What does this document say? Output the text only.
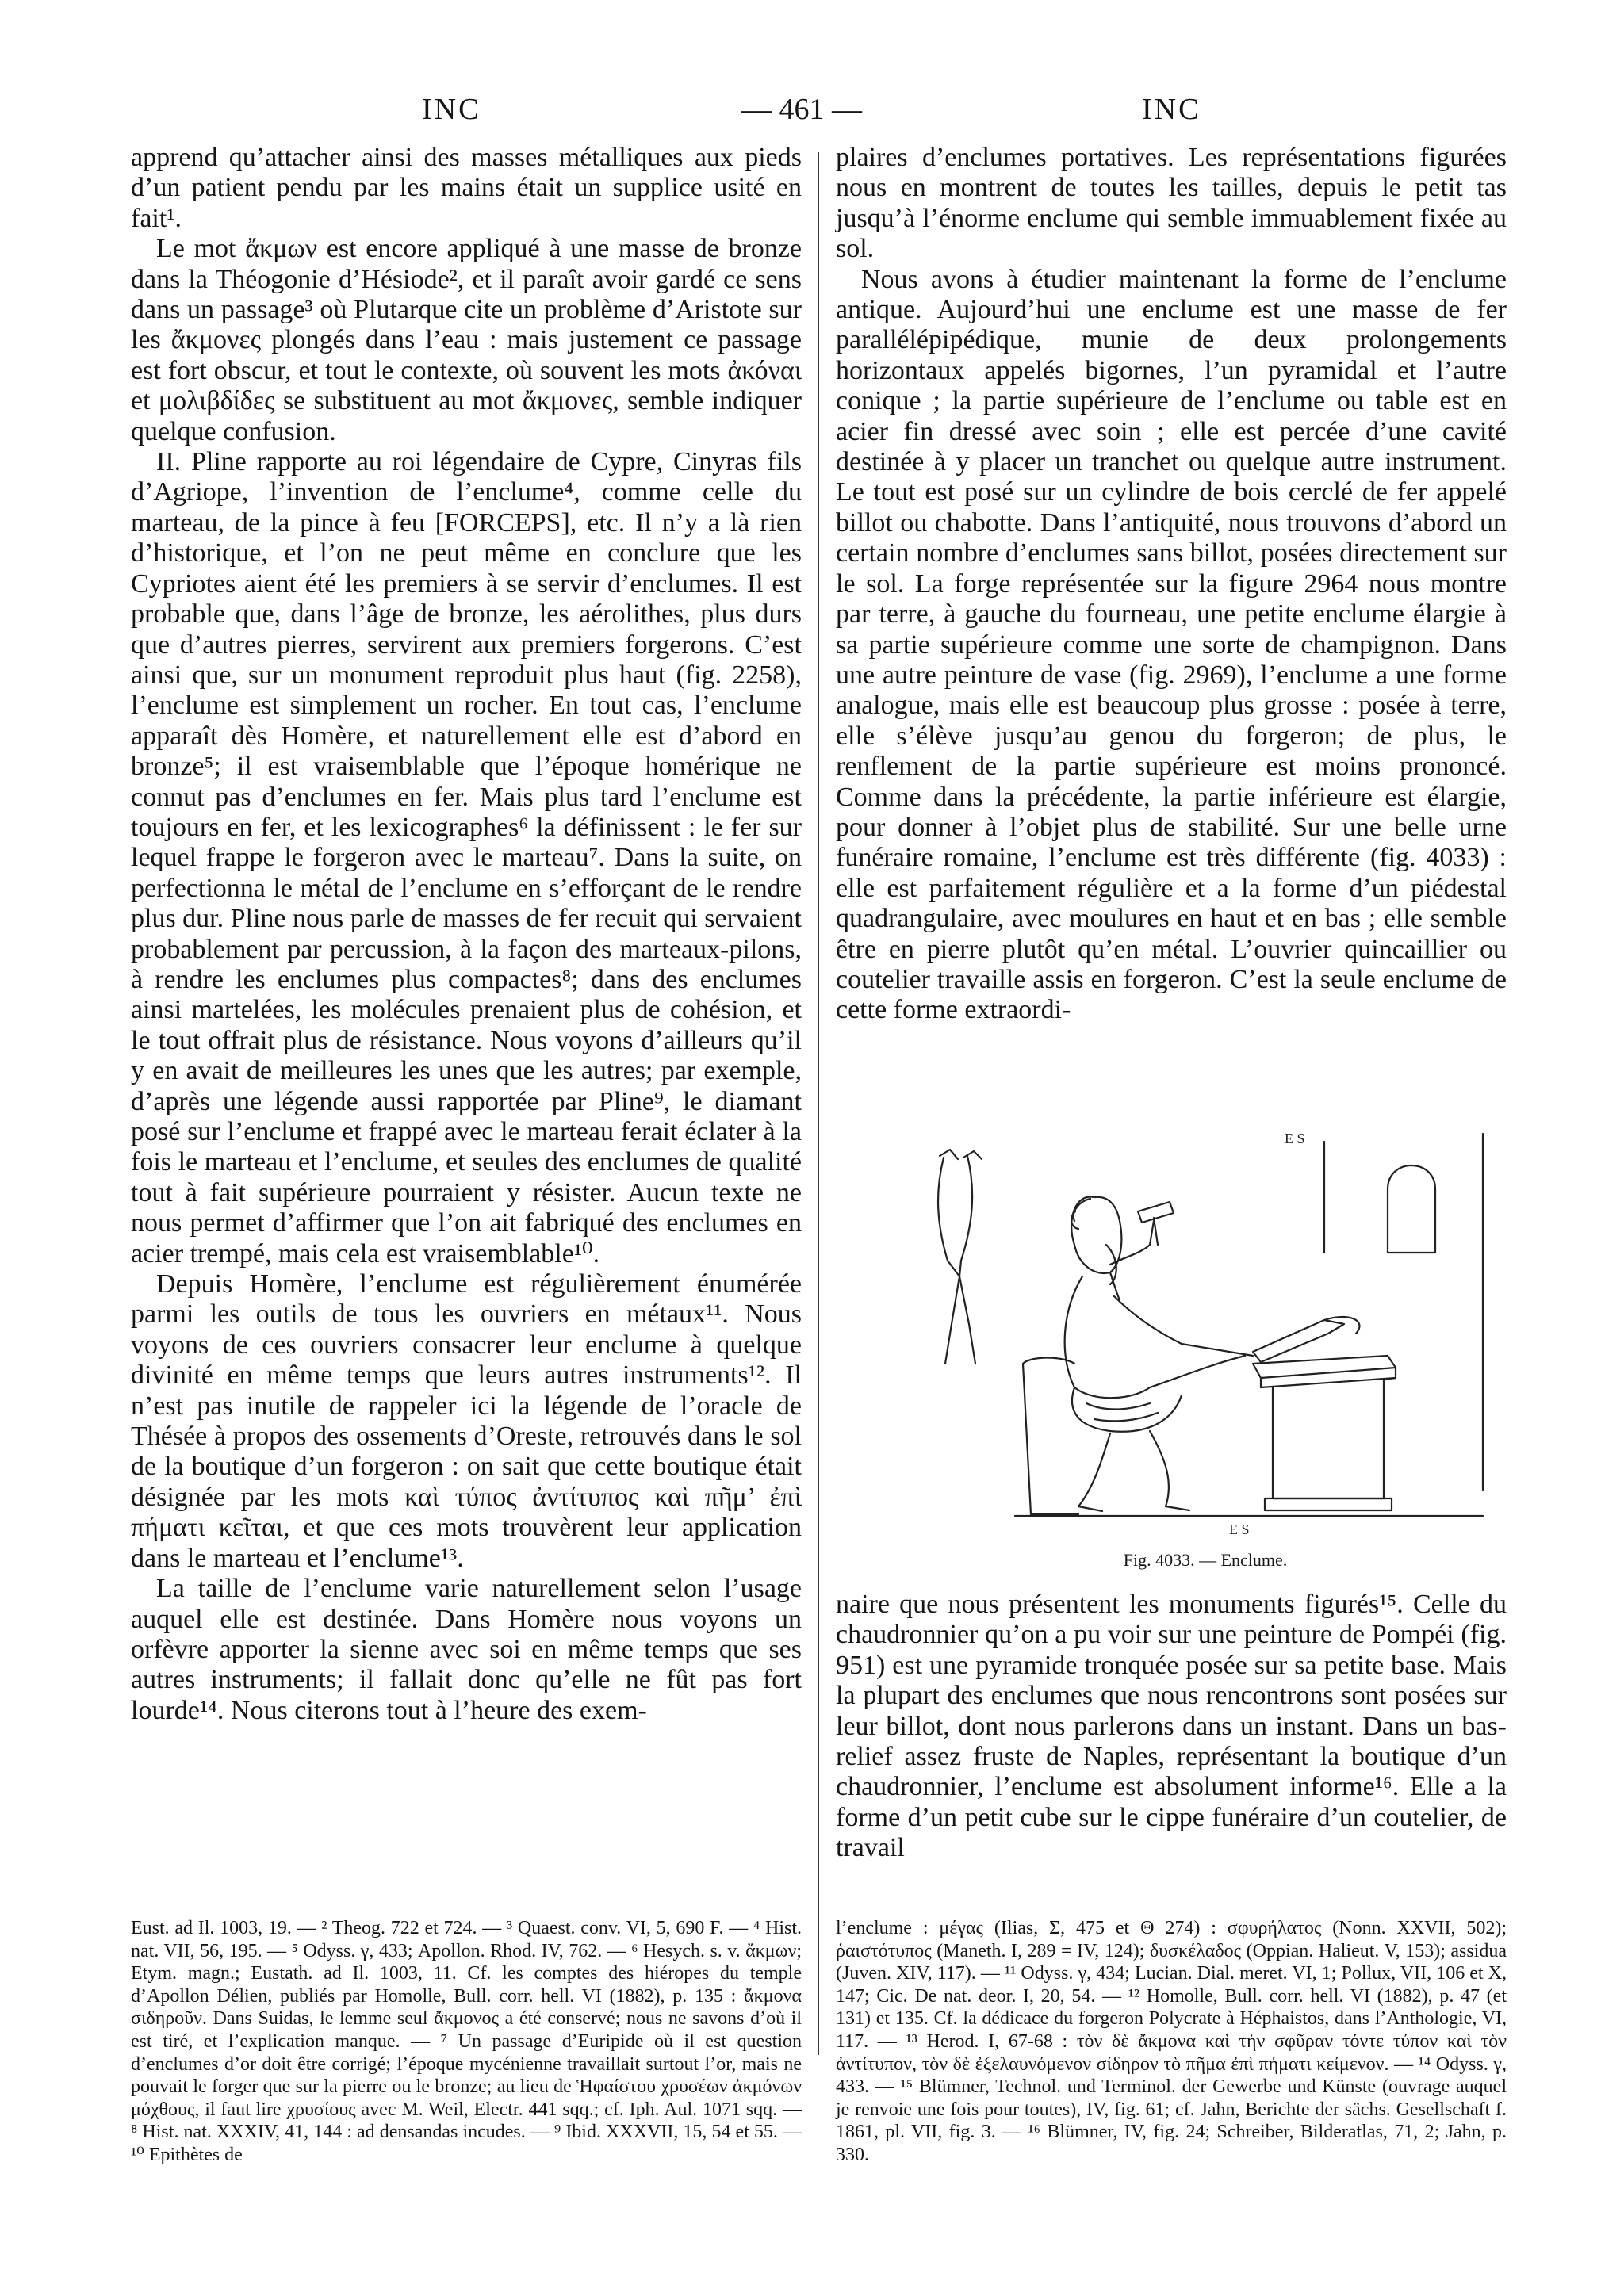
INC	— 461 —	INC

apprend qu’attacher ainsi des masses métalliques aux pieds d’un patient pendu par les mains était un supplice usité en fait¹.

Le mot ἄκμων est encore appliqué à une masse de bronze dans la Théogonie d’Hésiode², et il paraît avoir gardé ce sens dans un passage³ où Plutarque cite un problème d’Aristote sur les ἄκμονες plongés dans l’eau : mais justement ce passage est fort obscur, et tout le contexte, où souvent les mots ἀκόναι et μολιβδίδες se substituent au mot ἄκμονες, semble indiquer quelque confusion.

II. Pline rapporte au roi légendaire de Cypre, Cinyras fils d’Agriope, l’invention de l’enclume⁴, comme celle du marteau, de la pince à feu [FORCEPS], etc. Il n’y a là rien d’historique, et l’on ne peut même en conclure que les Cypriotes aient été les premiers à se servir d’enclumes. Il est probable que, dans l’âge de bronze, les aérolithes, plus durs que d’autres pierres, servirent aux premiers forgerons. C’est ainsi que, sur un monument reproduit plus haut (fig. 2258), l’enclume est simplement un rocher. En tout cas, l’enclume apparaît dès Homère, et naturellement elle est d’abord en bronze⁵; il est vraisemblable que l’époque homérique ne connut pas d’enclumes en fer. Mais plus tard l’enclume est toujours en fer, et les lexicographes⁶ la définissent : le fer sur lequel frappe le forgeron avec le marteau⁷. Dans la suite, on perfectionna le métal de l’enclume en s’efforçant de le rendre plus dur. Pline nous parle de masses de fer recuit qui servaient probablement par percussion, à la façon des marteaux-pilons, à rendre les enclumes plus compactes⁸; dans des enclumes ainsi martelées, les molécules prenaient plus de cohésion, et le tout offrait plus de résistance. Nous voyons d’ailleurs qu’il y en avait de meilleures les unes que les autres; par exemple, d’après une légende aussi rapportée par Pline⁹, le diamant posé sur l’enclume et frappé avec le marteau ferait éclater à la fois le marteau et l’enclume, et seules des enclumes de qualité tout à fait supérieure pourraient y résister. Aucun texte ne nous permet d’affirmer que l’on ait fabriqué des enclumes en acier trempé, mais cela est vraisemblable¹⁰.

Depuis Homère, l’enclume est régulièrement énumérée parmi les outils de tous les ouvriers en métaux¹¹. Nous voyons de ces ouvriers consacrer leur enclume à quelque divinité en même temps que leurs autres instruments¹². Il n’est pas inutile de rappeler ici la légende de l’oracle de Thésée à propos des ossements d’Oreste, retrouvés dans le sol de la boutique d’un forgeron : on sait que cette boutique était désignée par les mots καὶ τύπος ἀντίτυπος καὶ πῆμ’ ἐπὶ πήματι κεῖται, et que ces mots trouvèrent leur application dans le marteau et l’enclume¹³.

La taille de l’enclume varie naturellement selon l’usage auquel elle est destinée. Dans Homère nous voyons un orfèvre apporter la sienne avec soi en même temps que ses autres instruments; il fallait donc qu’elle ne fût pas fort lourde¹⁴. Nous citerons tout à l’heure des exem-

plaires d’enclumes portatives. Les représentations figurées nous en montrent de toutes les tailles, depuis le petit tas jusqu’à l’énorme enclume qui semble immuablement fixée au sol.

Nous avons à étudier maintenant la forme de l’enclume antique. Aujourd’hui une enclume est une masse de fer parallélépipédique, munie de deux prolongements horizontaux appelés bigornes, l’un pyramidal et l’autre conique ; la partie supérieure de l’enclume ou table est en acier fin dressé avec soin ; elle est percée d’une cavité destinée à y placer un tranchet ou quelque autre instrument. Le tout est posé sur un cylindre de bois cerclé de fer appelé billot ou chabotte. Dans l’antiquité, nous trouvons d’abord un certain nombre d’enclumes sans billot, posées directement sur le sol. La forge représentée sur la figure 2964 nous montre par terre, à gauche du fourneau, une petite enclume élargie à sa partie supérieure comme une sorte de champignon. Dans une autre peinture de vase (fig. 2969), l’enclume a une forme analogue, mais elle est beaucoup plus grosse : posée à terre, elle s’élève jusqu’au genou du forgeron; de plus, le renflement de la partie supérieure est moins prononcé. Comme dans la précédente, la partie inférieure est élargie, pour donner à l’objet plus de stabilité. Sur une belle urne funéraire romaine, l’enclume est très différente (fig. 4033) : elle est parfaitement régulière et a la forme d’un piédestal quadrangulaire, avec moulures en haut et en bas ; elle semble être en pierre plutôt qu’en métal. L’ouvrier quincaillier ou coutelier travaille assis en forgeron. C’est la seule enclume de cette forme extraordi-

E S
E S
Fig. 4033. — Enclume.

naire que nous présentent les monuments figurés¹⁵. Celle du chaudronnier qu’on a pu voir sur une peinture de Pompéi (fig. 951) est une pyramide tronquée posée sur sa petite base. Mais la plupart des enclumes que nous rencontrons sont posées sur leur billot, dont nous parlerons dans un instant. Dans un bas-relief assez fruste de Naples, représentant la boutique d’un chaudronnier, l’enclume est absolument informe¹⁶. Elle a la forme d’un petit cube sur le cippe funéraire d’un coutelier, de travail

Eust. ad Il. 1003, 19. — ² Theog. 722 et 724. — ³ Quaest. conv. VI, 5, 690 F. — ⁴ Hist. nat. VII, 56, 195. — ⁵ Odyss. γ, 433; Apollon. Rhod. IV, 762. — ⁶ Hesych. s. v. ἄκμων; Etym. magn.; Eustath. ad Il. 1003, 11. Cf. les comptes des hiéropes du temple d’Apollon Délien, publiés par Homolle, Bull. corr. hell. VI (1882), p. 135 : ἄκμονα σιδηροῦν. Dans Suidas, le lemme seul ἄκμονος a été conservé; nous ne savons d’où il est tiré, et l’explication manque. — ⁷ Un passage d’Euripide où il est question d’enclumes d’or doit être corrigé; l’époque mycénienne travaillait surtout l’or, mais ne pouvait le forger que sur la pierre ou le bronze; au lieu de Ἡφαίστου χρυσέων ἀκμόνων μόχθους, il faut lire χρυσίους avec M. Weil, Electr. 441 sqq.; cf. Iph. Aul. 1071 sqq. — ⁸ Hist. nat. XXXIV, 41, 144 : ad densandas incudes. — ⁹ Ibid. XXXVII, 15, 54 et 55. — ¹⁰ Epithètes de
l’enclume : μέγας (Ilias, Σ, 475 et Θ 274) : σφυρήλατος (Nonn. XXVII, 502); ῥαιστότυπος (Maneth. I, 289 = IV, 124); δυσκέλαδος (Oppian. Halieut. V, 153); assidua (Juven. XIV, 117). — ¹¹ Odyss. γ, 434; Lucian. Dial. meret. VI, 1; Pollux, VII, 106 et X, 147; Cic. De nat. deor. I, 20, 54. — ¹² Homolle, Bull. corr. hell. VI (1882), p. 47 (et 131) et 135. Cf. la dédicace du forgeron Polycrate à Héphaistos, dans l’Anthologie, VI, 117. — ¹³ Herod. I, 67-68 : τὸν δὲ ἄκμονα καὶ τὴν σφῦραν τόντε τύπον καὶ τὸν ἀντίτυπον, τὸν δὲ ἐξελαυνόμενον σίδηρον τὸ πῆμα ἐπὶ πήματι κείμενον. — ¹⁴ Odyss. γ, 433. — ¹⁵ Blümner, Technol. und Terminol. der Gewerbe und Künste (ouvrage auquel je renvoie une fois pour toutes), IV, fig. 61; cf. Jahn, Berichte der sächs. Gesellschaft f. 1861, pl. VII, fig. 3. — ¹⁶ Blümner, IV, fig. 24; Schreiber, Bilderatlas, 71, 2; Jahn, p. 330.
